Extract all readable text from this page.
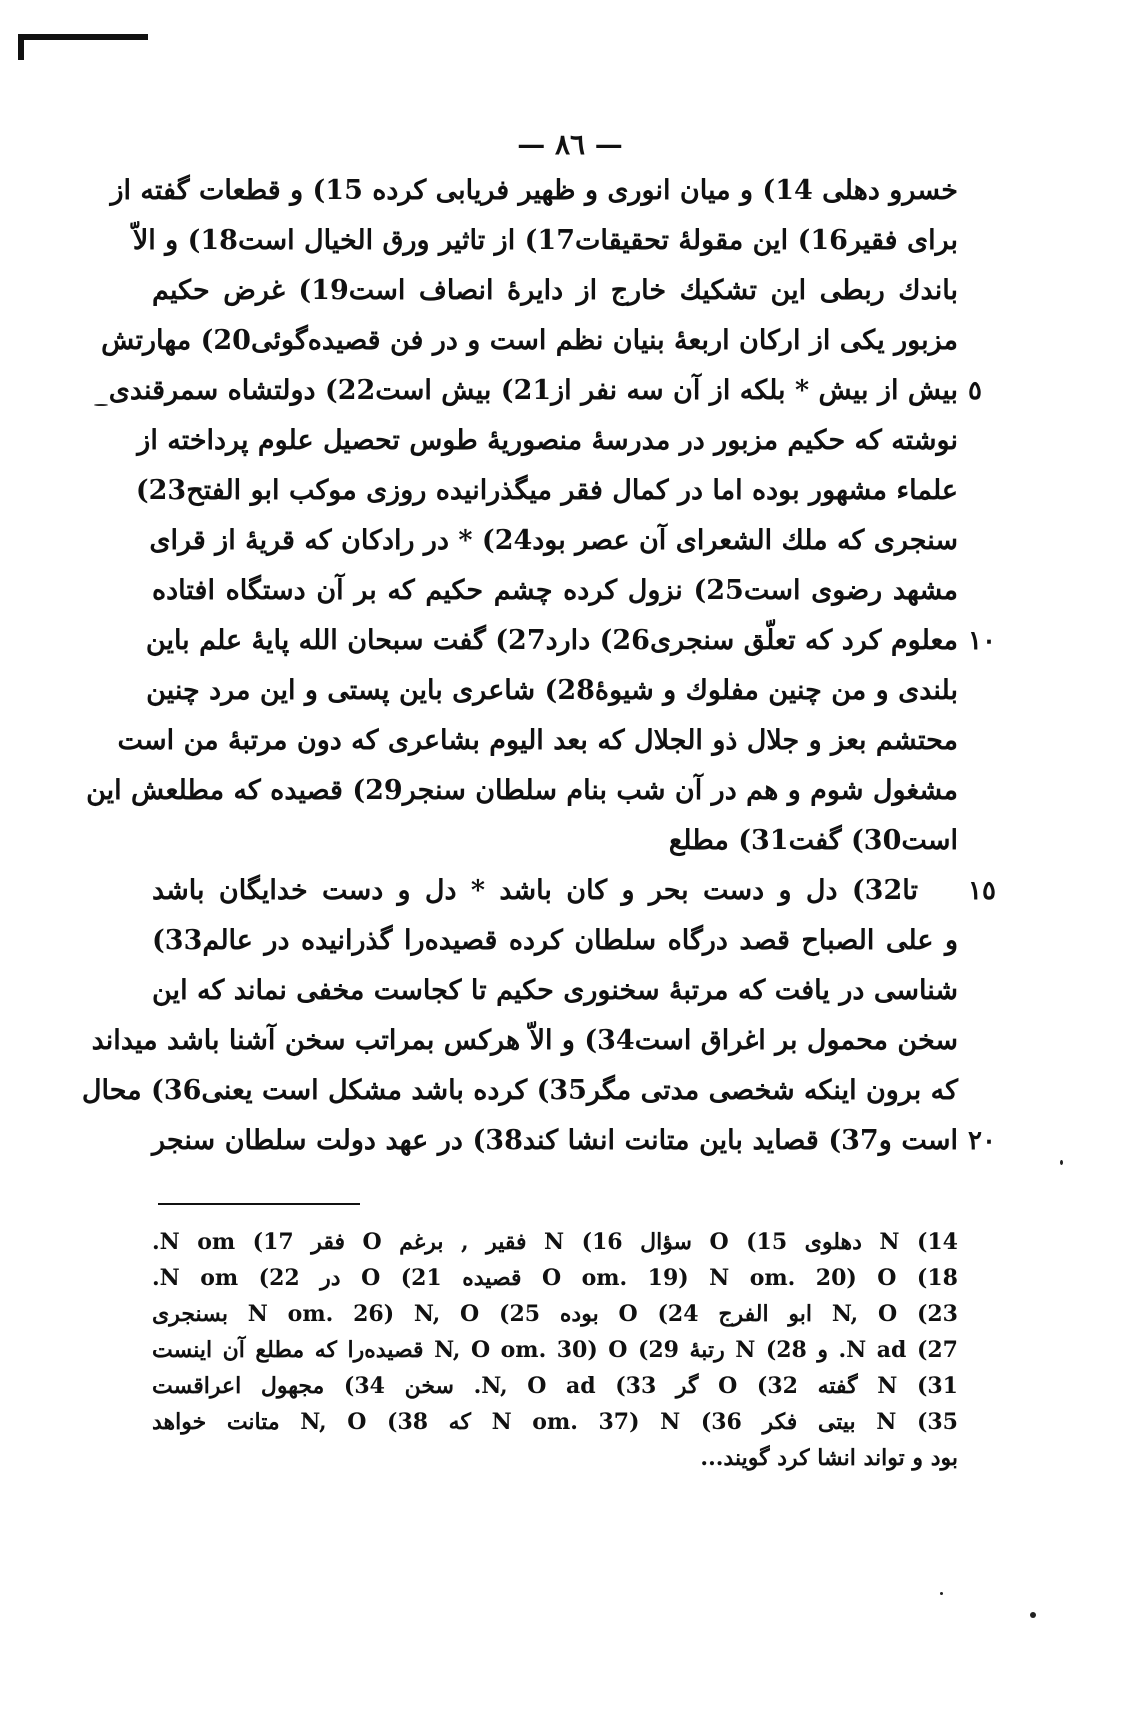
— ٨٦ —
خسرو دهلی 14) و میان انوری و ظهیر فریابی کرده 15) و قطعات گفته از
برای فقیر16) این مقولهٔ تحقیقات17) از تاثیر ورق الخیال است18) و الاّ
باندك ربطی این تشکیك خارج از دایرهٔ انصاف است19) غرض حکیم
مزبور یکی از ارکان اربعهٔ بنیان نظم است و در فن قصیده‌گوئی20) مهارتش
بیش از بیش * بلکه از آن سه نفر از21) بیش است22) دولتشاه سمرقندی
نوشته که حکیم مزبور در مدرسهٔ منصوریهٔ طوس تحصیل علوم پرداخته از
علماء مشهور بوده اما در کمال فقر میگذرانیده روزی موکب ابو الفتح23)
سنجری که ملك الشعرای آن عصر بود24) * در رادکان که قریهٔ از قرای
مشهد رضوی است25) نزول کرده چشم حکیم که بر آن دستگاه افتاده
معلوم کرد که تعلّق سنجری26) دارد27) گفت سبحان الله پایهٔ علم باین
بلندی و من چنین مفلوك و شیوهٔ28) شاعری باین پستی و این مرد چنین
محتشم بعز و جلال ذو الجلال که بعد الیوم بشاعری که دون مرتبهٔ من است
مشغول شوم و هم در آن شب بنام سلطان سنجر29) قصیده که مطلعش این
است30) گفت31) مطلع
تا32) دل و دست بحر و کان باشد * دل و دست خدایگان باشد
و علی الصباح قصد درگاه سلطان کرده قصیده‌را گذرانیده در عالم33)
شناسی در یافت که مرتبهٔ سخنوری حکیم تا کجاست مخفی نماند که این
سخن محمول بر اغراق است34) و الاّ هرکس بمراتب سخن آشنا باشد میداند
که برون اینکه شخصی مدتی مگر35) کرده باشد مشکل است یعنی36) محال
است و37) قصاید باین متانت انشا کند38) در عهد دولت سلطان سنجر
٥
١٠
١٥
٢٠
14) N دهلوی 15) O سؤال 16) N فقیر , برغم O فقر 17) N om.
18) O om. 19) N om. 20) O قصیده 21) O در 22) N om.
23) N, O ابو الفرج 24) O بوده 25) N om. 26) N, O بسنجری
27) N ad. و 28) N رتبهٔ 29) N, O om. 30) O قصیده‌را که مطلع آن اینست
31) N گفته 32) O گر 33) N, O ad. سخن 34) مجهول اعراقست
35) N بیتی فکر 36) N om. 37) N که 38) N, O متانت خواهد
بود و تواند انشا کرد گویند...
